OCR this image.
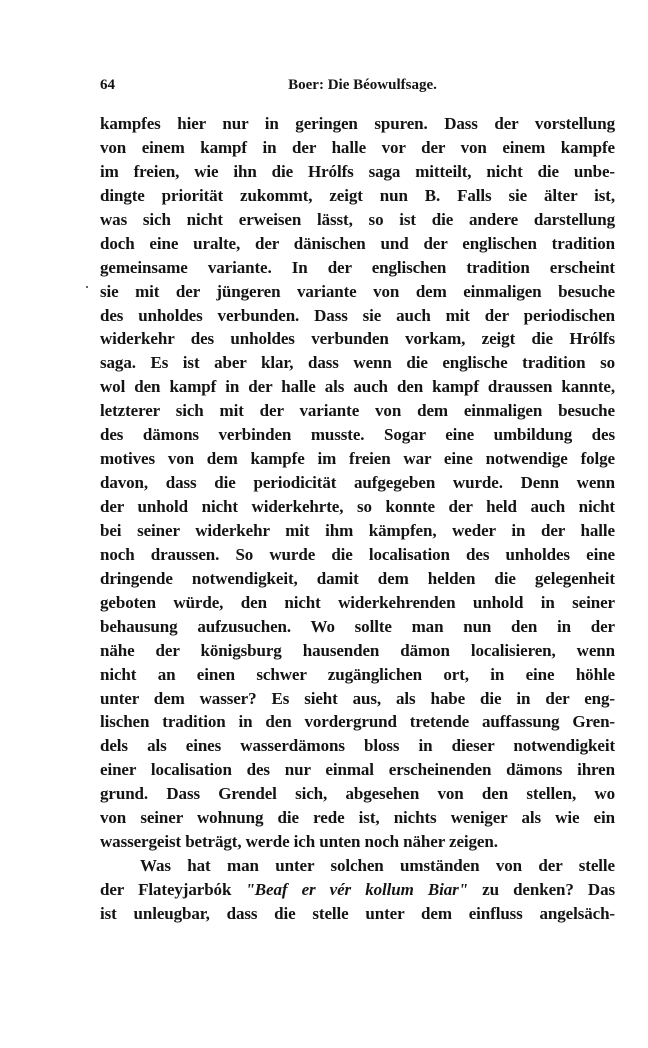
64	Boer: Die Béowulfsage.
kampfes hier nur in geringen spuren. Dass der vorstellung
von einem kampf in der halle vor der von einem kampfe
im freien, wie ihn die Hrólfs saga mitteilt, nicht die unbe-
dingte priorität zukommt, zeigt nun B. Falls sie älter ist,
was sich nicht erweisen lässt, so ist die andere darstellung
doch eine uralte, der dänischen und der englischen tradition
gemeinsame variante. In der englischen tradition erscheint
sie mit der jüngeren variante von dem einmaligen besuche
des unholdes verbunden. Dass sie auch mit der periodischen
widerkehr des unholdes verbunden vorkam, zeigt die Hrólfs
saga. Es ist aber klar, dass wenn die englische tradition so
wol den kampf in der halle als auch den kampf draussen kannte,
letzterer sich mit der variante von dem einmaligen besuche
des dämons verbinden musste. Sogar eine umbildung des
motives von dem kampfe im freien war eine notwendige folge
davon, dass die periodicität aufgegeben wurde. Denn wenn
der unhold nicht widerkehrte, so konnte der held auch nicht
bei seiner widerkehr mit ihm kämpfen, weder in der halle
noch draussen. So wurde die localisation des unholdes eine
dringende notwendigkeit, damit dem helden die gelegenheit
geboten würde, den nicht widerkehrenden unhold in seiner
behausung aufzusuchen. Wo sollte man nun den in der
nähe der königsburg hausenden dämon localisieren, wenn
nicht an einen schwer zugänglichen ort, in eine höhle
unter dem wasser? Es sieht aus, als habe die in der eng-
lischen tradition in den vordergrund tretende auffassung Gren-
dels als eines wasserdämons bloss in dieser notwendigkeit
einer localisation des nur einmal erscheinenden dämons ihren
grund. Dass Grendel sich, abgesehen von den stellen, wo
von seiner wohnung die rede ist, nichts weniger als wie ein
wassergeist beträgt, werde ich unten noch näher zeigen.
Was hat man unter solchen umständen von der stelle
der Flateyjarbók "Beaf er vér kollum Biar" zu denken? Das
ist unleugbar, dass die stelle unter dem einfluss angelsäch-
